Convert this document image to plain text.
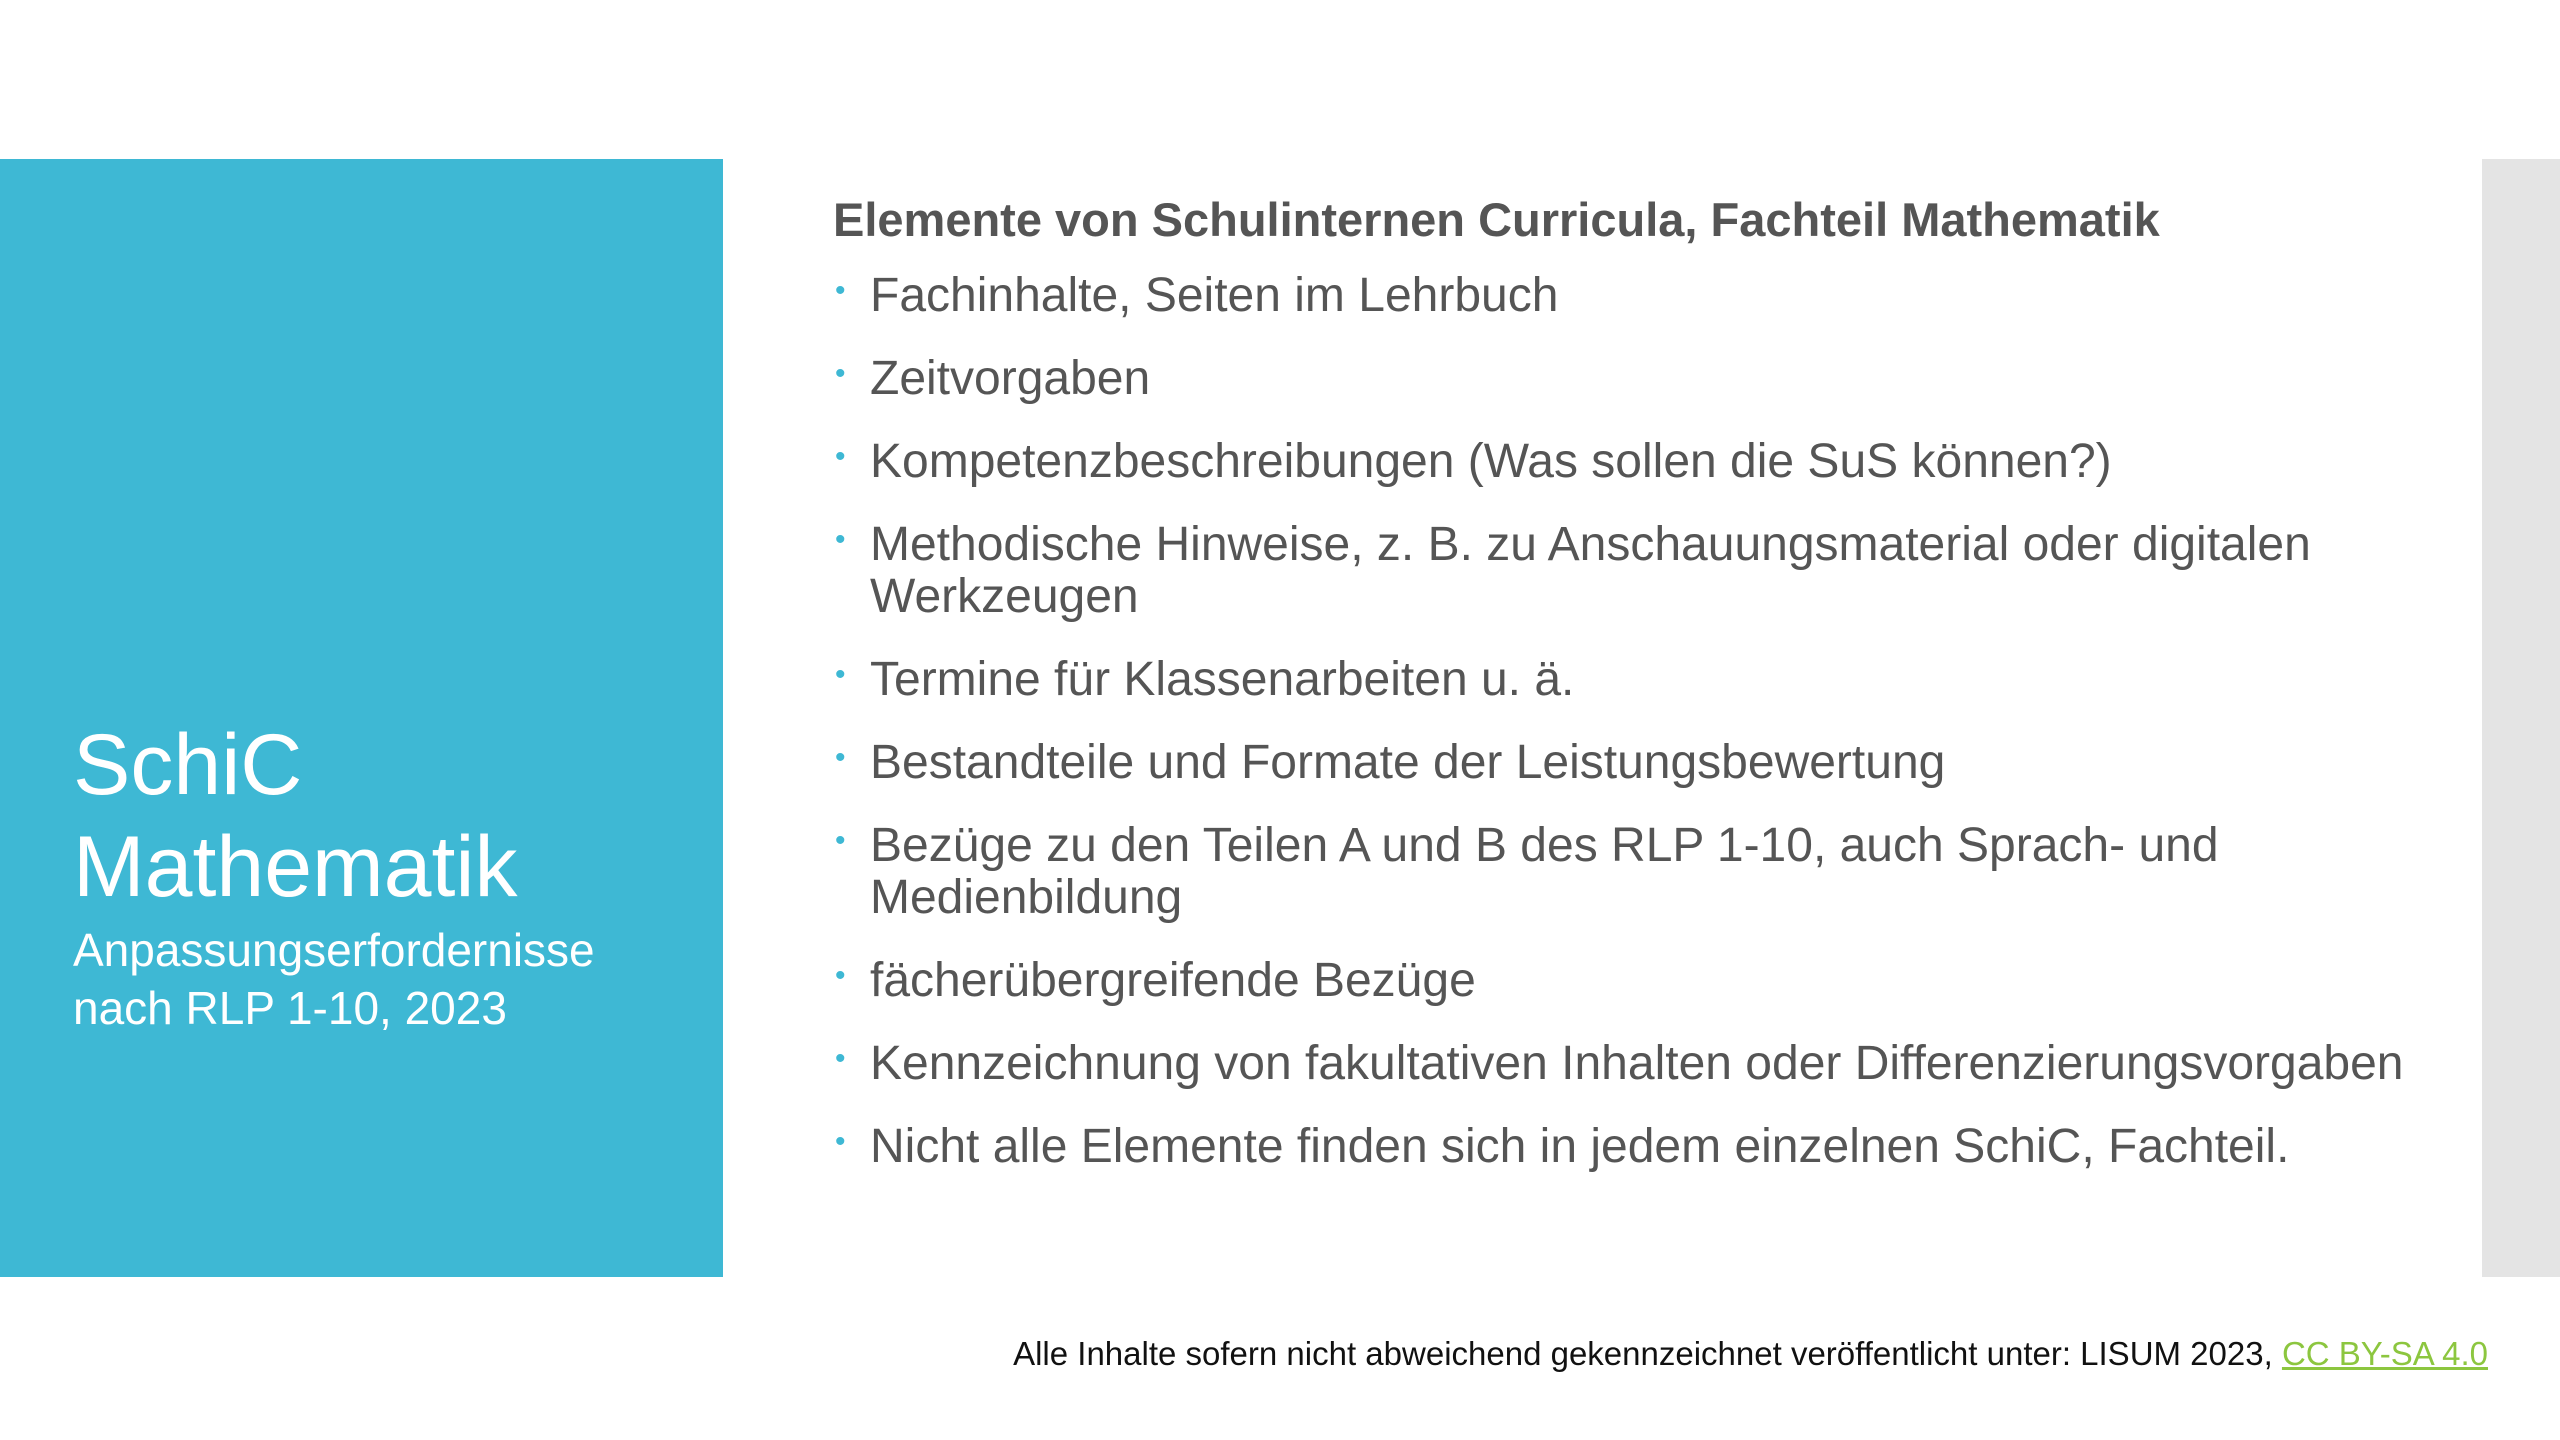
SchiC
Mathematik

Anpassungserfordernisse
nach RLP 1-10, 2023

Elemente von Schulinternen Curricula, Fachteil Mathematik
• Fachinhalte, Seiten im Lehrbuch
• Zeitvorgaben
• Kompetenzbeschreibungen (Was sollen die SuS können?)
• Methodische Hinweise, z. B. zu Anschauungsmaterial oder digitalen Werkzeugen
• Termine für Klassenarbeiten u. ä.
• Bestandteile und Formate der Leistungsbewertung
• Bezüge zu den Teilen A und B des RLP 1-10, auch Sprach- und Medienbildung
• fächerübergreifende Bezüge
• Kennzeichnung von fakultativen Inhalten oder Differenzierungsvorgaben
• Nicht alle Elemente finden sich in jedem einzelnen SchiC, Fachteil.
Alle Inhalte sofern nicht abweichend gekennzeichnet veröffentlicht unter: LISUM 2023, CC BY-SA 4.0
